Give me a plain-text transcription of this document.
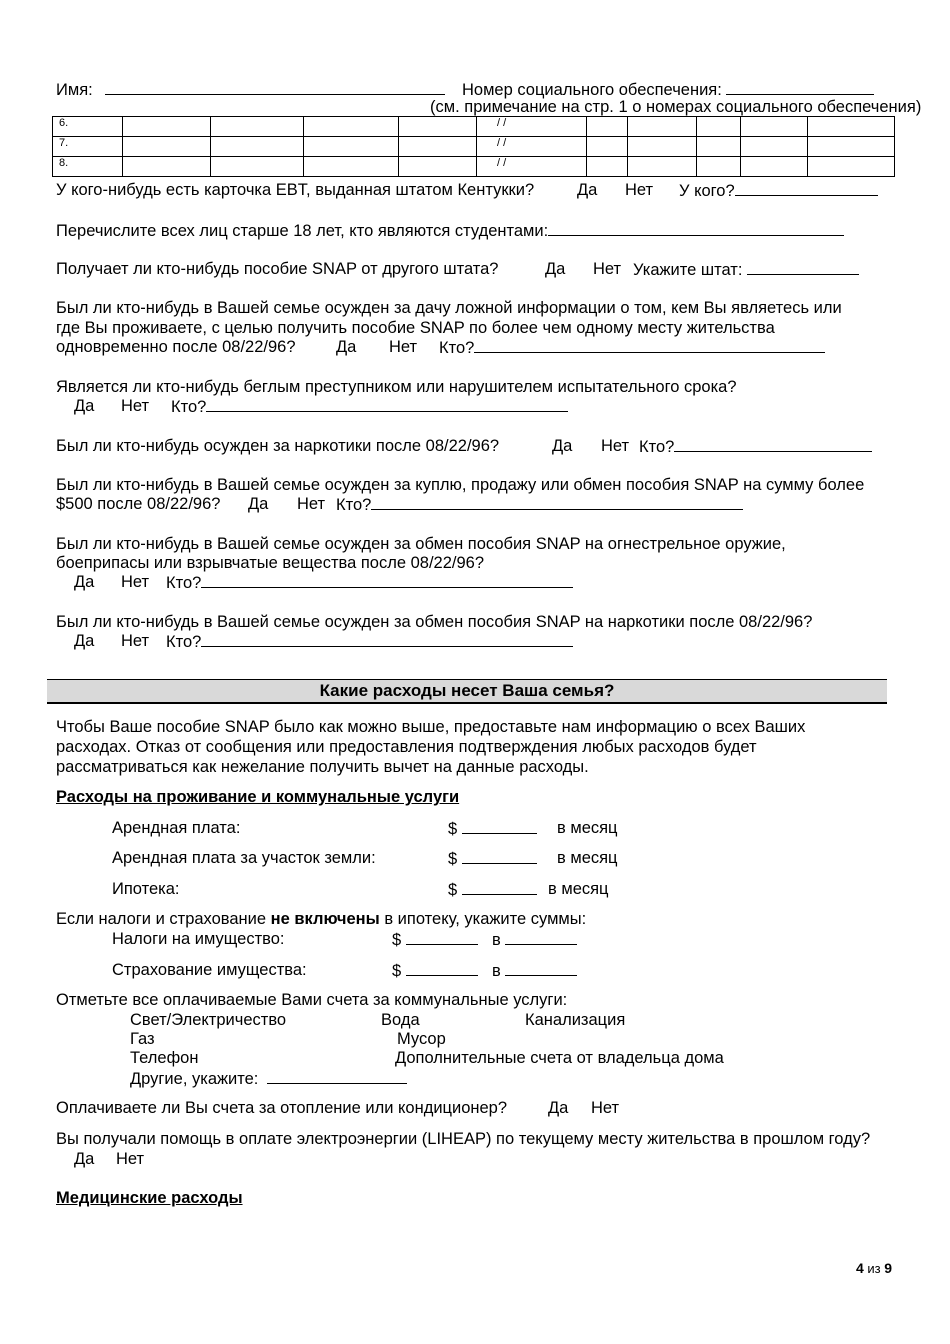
Имя:	Номер социального обеспечения:
(см. примечание на стр. 1 о номерах социального обеспечения)
6.					/ /					
7.					/ /					
8.					/ /					
У кого-нибудь есть карточка EBT, выданная штатом Кентукки?	Да Нет У кого?
Перечислите всех лиц старше 18 лет, кто являются студентами:
Получает ли кто-нибудь пособие SNAP от другого штата?	Да Нет Укажите штат:
Был ли кто-нибудь в Вашей семье осужден за дачу ложной информации о том, кем Вы являетесь или
где Вы проживаете, с целью получить пособие SNAP по более чем одному месту жительства
одновременно после 08/22/96? Да Нет Кто?
Является ли кто-нибудь беглым преступником или нарушителем испытательного срока?
Да Нет Кто?
Был ли кто-нибудь осужден за наркотики после 08/22/96?	Да Нет Кто?
Был ли кто-нибудь в Вашей семье осужден за куплю, продажу или обмен пособия SNAP на сумму более
$500 после 08/22/96? Да Нет Кто?
Был ли кто-нибудь в Вашей семье осужден за обмен пособия SNAP на огнестрельное оружие,
боеприпасы или взрывчатые вещества после 08/22/96?
Да Нет Кто?
Был ли кто-нибудь в Вашей семье осужден за обмен пособия SNAP на наркотики после 08/22/96?
Да Нет Кто?
Какие расходы несет Ваша семья?
Чтобы Ваше пособие SNAP было как можно выше, предоставьте нам информацию о всех Ваших
расходах. Отказ от сообщения или предоставления подтверждения любых расходов будет
рассматриваться как нежелание получить вычет на данные расходы.
Расходы на проживание и коммунальные услуги
Арендная плата:	$	в месяц
Арендная плата за участок земли:	$	в месяц
Ипотека:	$	в месяц
Если налоги и страхование не включены в ипотеку, укажите суммы:
Налоги на имущество:	$	в
Страхование имущества:	$	в
Отметьте все оплачиваемые Вами счета за коммунальные услуги:
Свет/Электричество	Вода	Канализация
Газ	Мусор
Телефон	Дополнительные счета от владельца дома
Другие, укажите:
Оплачиваете ли Вы счета за отопление или кондиционер? Да Нет
Вы получали помощь в оплате электроэнергии (LIHEAP) по текущему месту жительства в прошлом году?
Да Нет
Медицинские расходы
4 из 9
